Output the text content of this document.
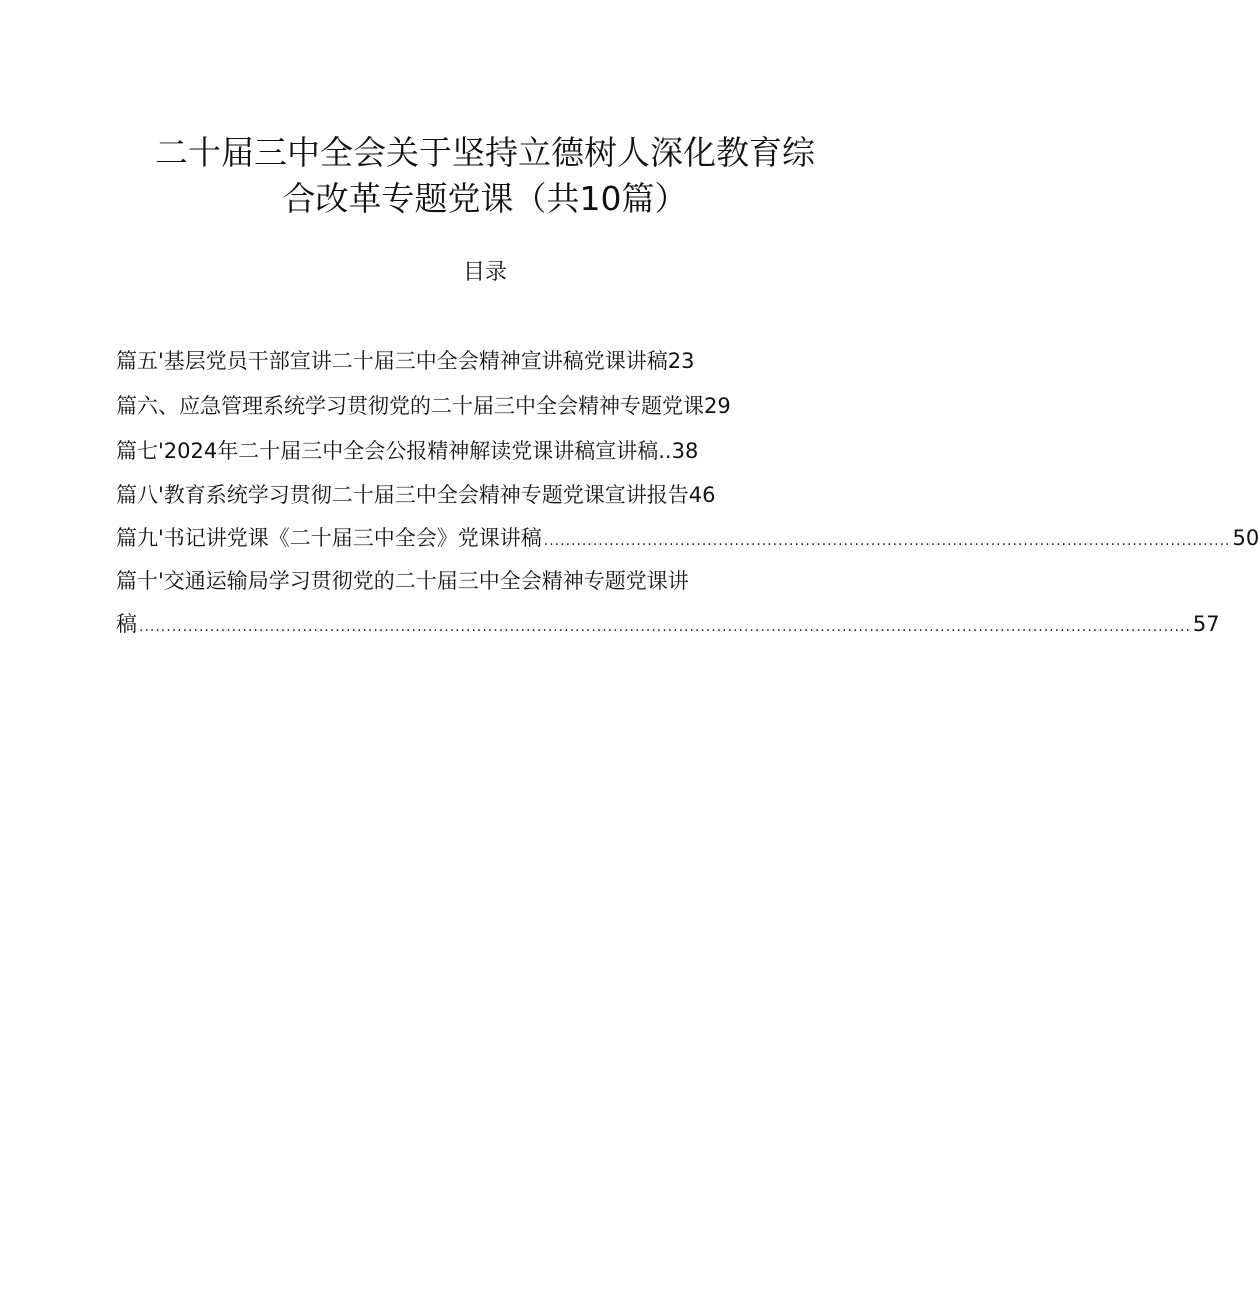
二十届三中全会关于坚持立德树人深化教育综
合改革专题党课（共10篇）
目录
篇五'基层党员干部宣讲二十届三中全会精神宣讲稿党课讲稿 23
篇六、应急管理系统学习贯彻党的二十届三中全会精神专题党课 29
篇七'2024年二十届三中全会公报精神解读党课讲稿宣讲稿 .. 38
篇八'教育系统学习贯彻二十届三中全会精神专题党课宣讲报告 46
篇九'书记讲党课《二十届三中全会》党课讲稿 .............................................................................................................................. 50
篇十'交通运输局学习贯彻党的二十届三中全会精神专题党课讲
稿 ................................................................................................................................................................................................. 57
